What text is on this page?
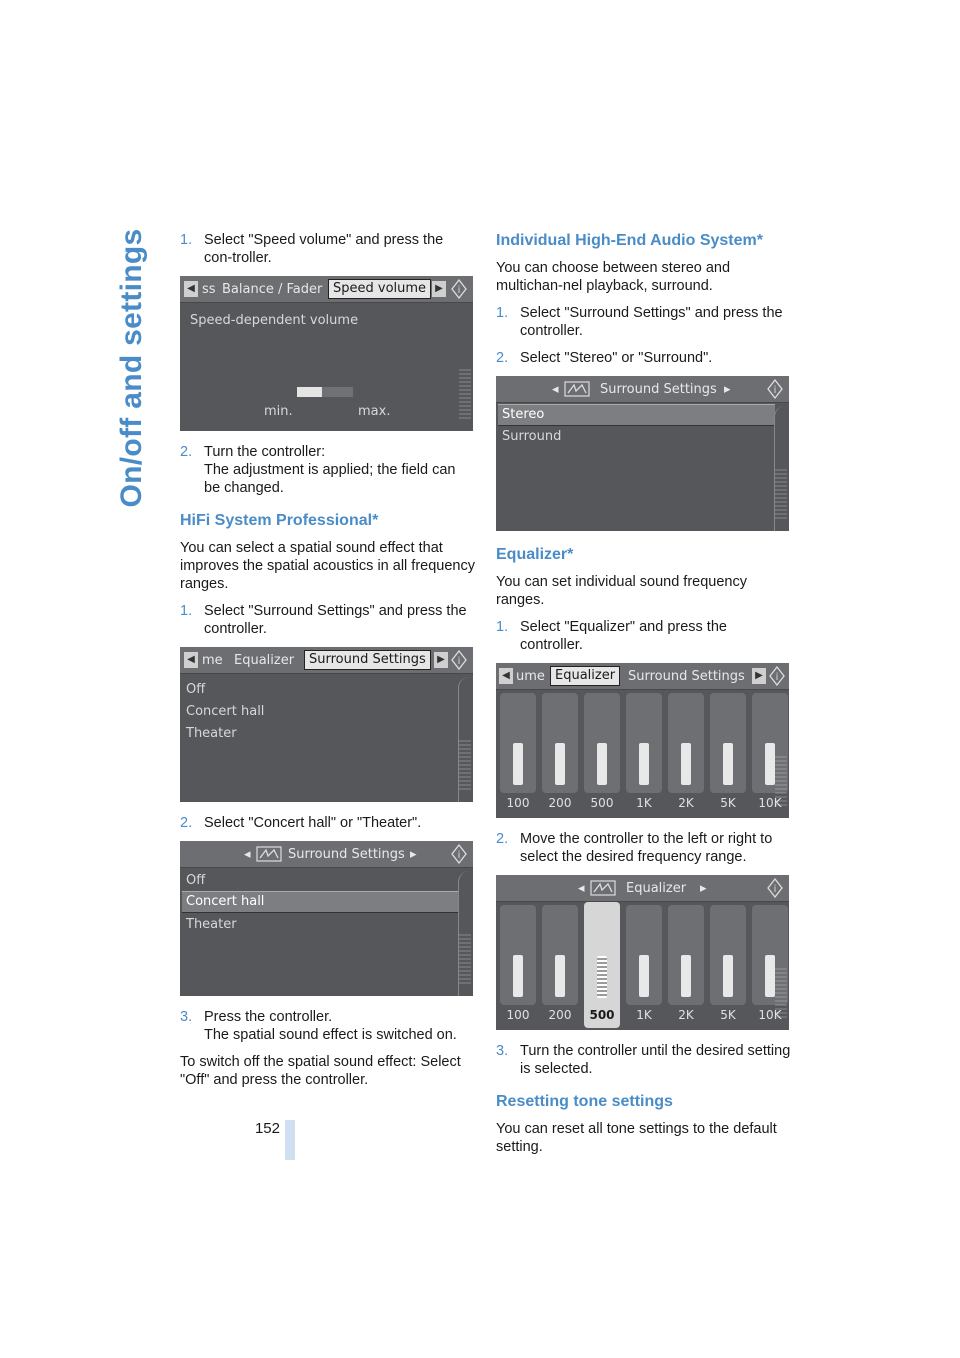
On/off and settings 1. Select "Speed volume" and press the con-troller.
◀ ss Balance / Fader Speed volume ▶	i
Speed-dependent volume
min.	max.
2. Turn the controller:
The adjustment is applied; the field can be changed.
HiFi System Professional*

You can select a spatial sound effect that improves the spatial acoustics in all frequency ranges.

1. Select "Surround Settings" and press the controller.
◀ me Equalizer	Surround Settings	▶	i
Off
Concert hall
Theater
2. Select "Concert hall" or "Theater".
◂	Surround Settings ▸	i
Off
Concert hall
Theater
3. Press the controller.
The spatial sound effect is switched on.

To switch off the spatial sound effect: Select "Off" and press the controller.

Individual High-End Audio System*

You can choose between stereo and multichan-nel playback, surround.

1. Select "Surround Settings" and press the controller.
2. Select "Stereo" or "Surround".
◂	Surround Settings ▸	i
Stereo
Surround
Equalizer*

You can set individual sound frequency ranges.

1. Select "Equalizer" and press the controller.
◀ ume Equalizer Surround Settings	▶	i
100	200	500	1K	2K	5K	10K
2. Move the controller to the left or right to select the desired frequency range.
◂	Equalizer ▸	i
100	200	500	1K	2K	5K	10K
3. Turn the controller until the desired setting is selected.
Resetting tone settings

You can reset all tone settings to the default setting.

152
